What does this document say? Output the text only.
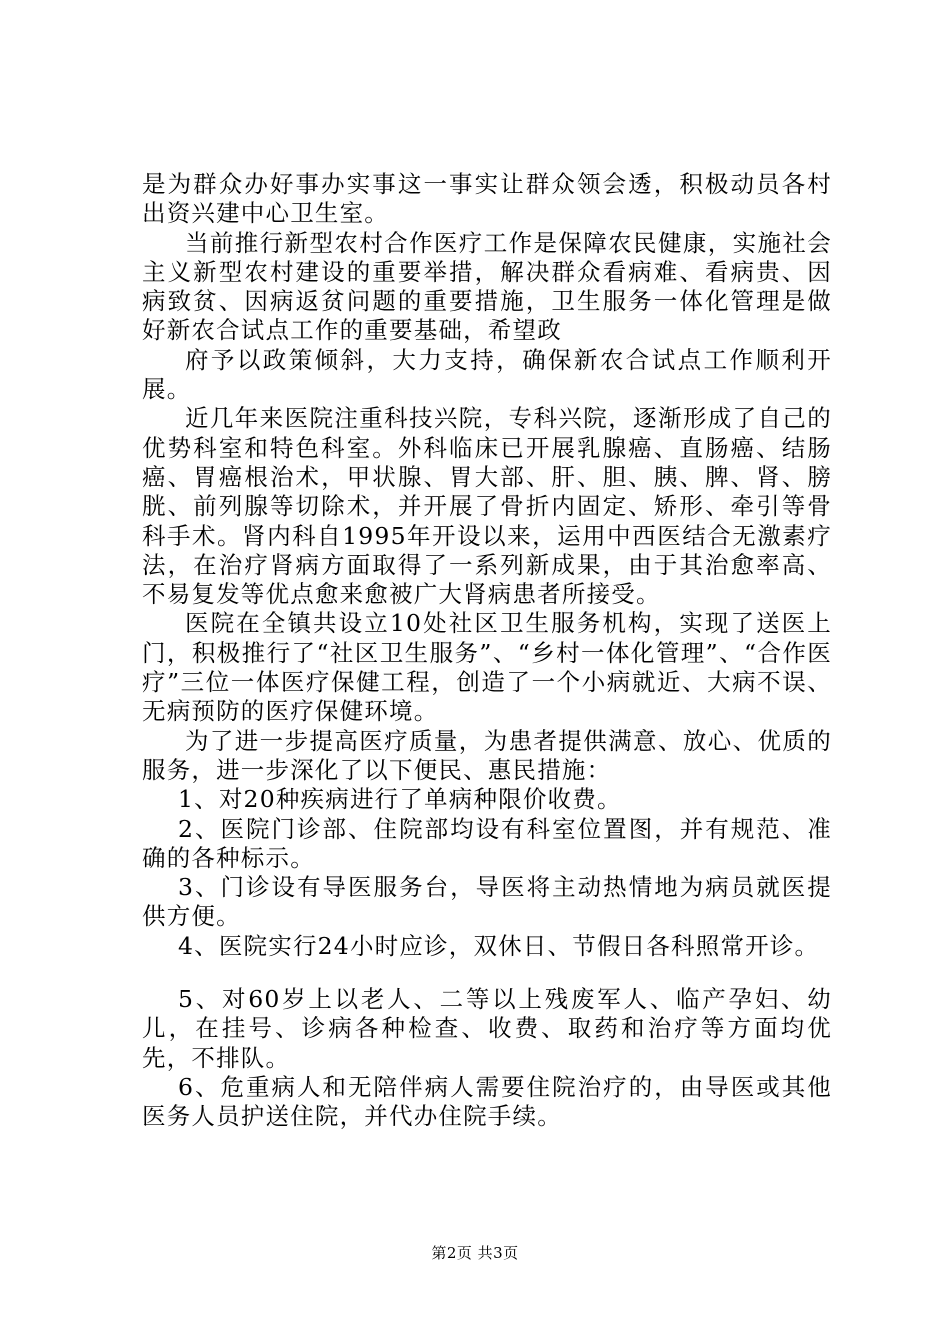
是为群众办好事办实事这一事实让群众领会透，积极动员各村出资兴建中心卫生室。

当前推行新型农村合作医疗工作是保障农民健康，实施社会主义新型农村建设的重要举措，解决群众看病难、看病贵、因病致贫、因病返贫问题的重要措施，卫生服务一体化管理是做好新农合试点工作的重要基础，希望政

府予以政策倾斜，大力支持，确保新农合试点工作顺利开展。

近几年来医院注重科技兴院，专科兴院，逐渐形成了自己的优势科室和特色科室。外科临床已开展乳腺癌、直肠癌、结肠癌、胃癌根治术，甲状腺、胃大部、肝、胆、胰、脾、肾、膀胱、前列腺等切除术，并开展了骨折内固定、矫形、牵引等骨科手术。肾内科自1995年开设以来，运用中西医结合无激素疗法，在治疗肾病方面取得了一系列新成果，由于其治愈率高、不易复发等优点愈来愈被广大肾病患者所接受。

医院在全镇共设立10处社区卫生服务机构，实现了送医上门，积极推行了“社区卫生服务”、“乡村一体化管理”、“合作医疗”三位一体医疗保健工程，创造了一个小病就近、大病不误、无病预防的医疗保健环境。

为了进一步提高医疗质量，为患者提供满意、放心、优质的服务，进一步深化了以下便民、惠民措施：

1、对20种疾病进行了单病种限价收费。

2、医院门诊部、住院部均设有科室位置图，并有规范、准确的各种标示。

3、门诊设有导医服务台，导医将主动热情地为病员就医提供方便。

4、医院实行24小时应诊，双休日、节假日各科照常开诊。

5、对60岁上以老人、二等以上残废军人、临产孕妇、幼儿，在挂号、诊病各种检查、收费、取药和治疗等方面均优先，不排队。

6、危重病人和无陪伴病人需要住院治疗的，由导医或其他医务人员护送住院，并代办住院手续。

第2页 共3页
